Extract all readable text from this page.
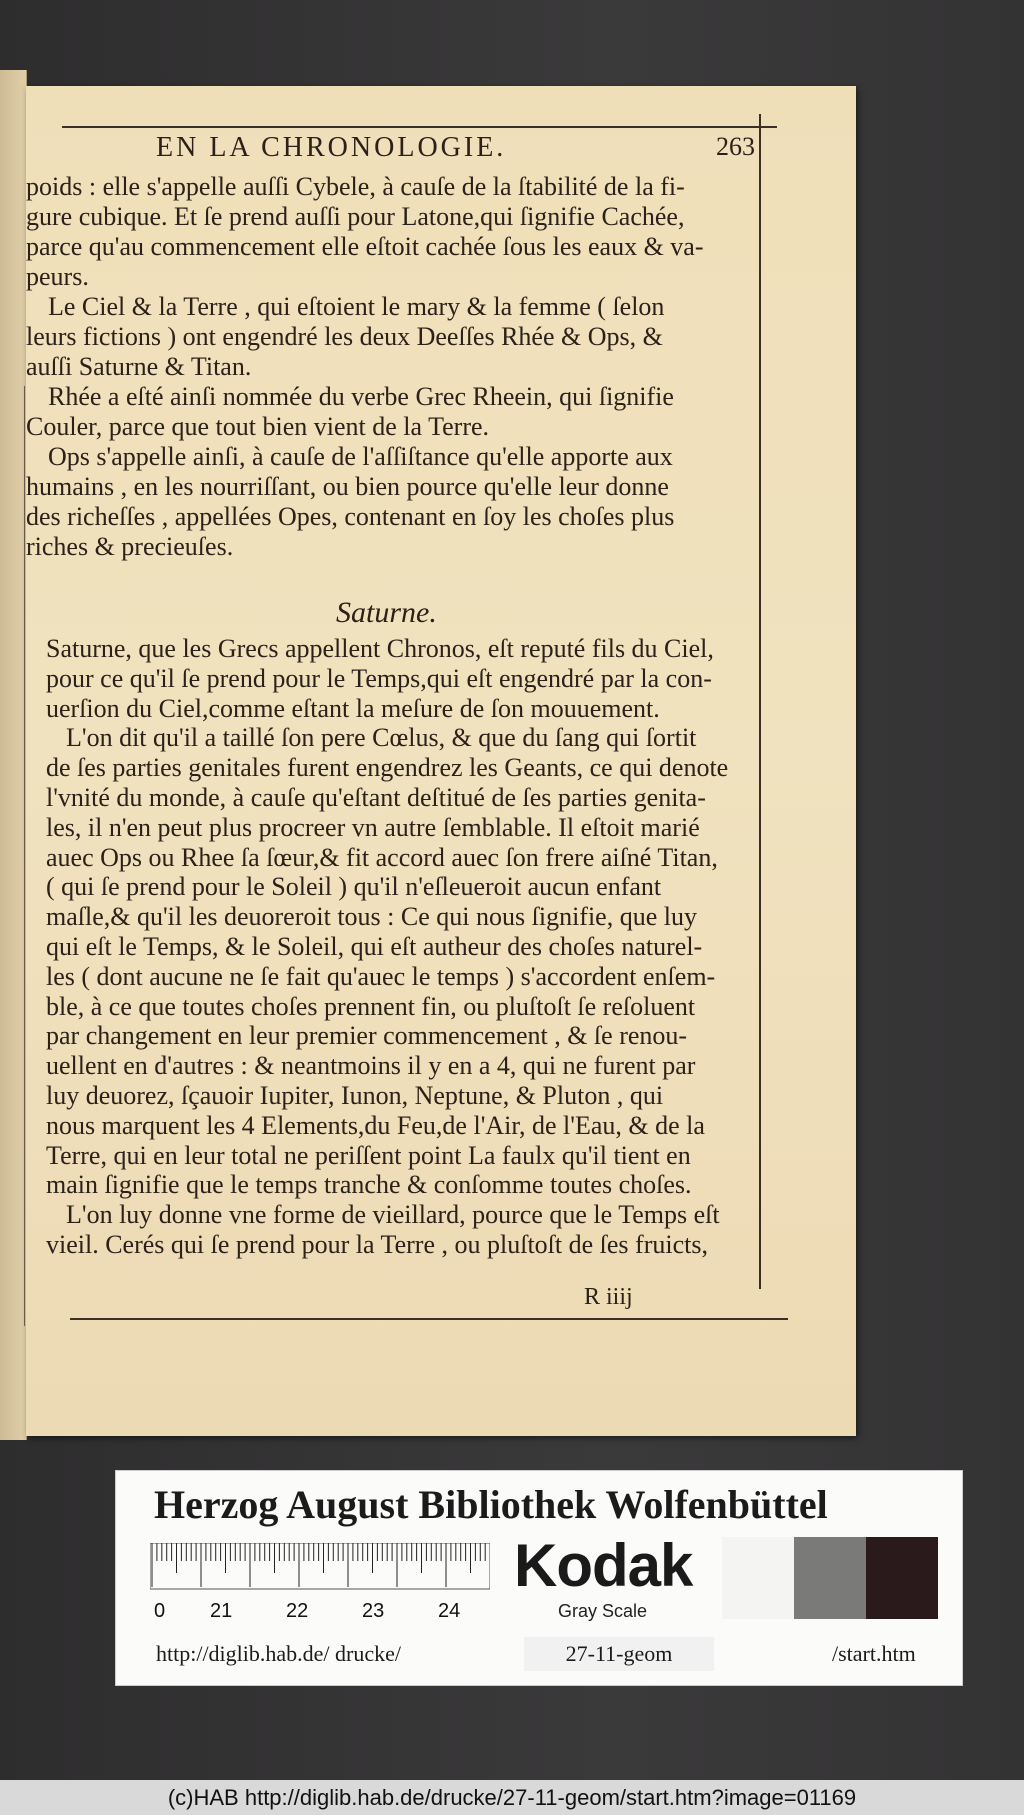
EN LA CHRONOLOGIE.	263
poids : elle s'appelle auſſi Cybele, à cauſe de la ſtabilité de la fi-
gure cubique. Et ſe prend auſſi pour Latone,qui ſignifie Cachée,
parce qu'au commencement elle eſtoit cachée ſous les eaux & va-
peurs.
Le Ciel & la Terre , qui eſtoient le mary & la femme ( ſelon
leurs fictions ) ont engendré les deux Deeſſes Rhée & Ops, &
auſſi Saturne & Titan.
Rhée a eſté ainſi nommée du verbe Grec Rheein, qui ſignifie
Couler, parce que tout bien vient de la Terre.
Ops s'appelle ainſi, à cauſe de l'aſſiſtance qu'elle apporte aux
humains , en les nourriſſant, ou bien pource qu'elle leur donne
des richeſſes , appellées Opes, contenant en ſoy les choſes plus
riches & precieuſes.
Saturne.
Saturne, que les Grecs appellent Chronos, eſt reputé fils du Ciel,
pour ce qu'il ſe prend pour le Temps,qui eſt engendré par la con-
uerſion du Ciel,comme eſtant la meſure de ſon mouuement.
L'on dit qu'il a taillé ſon pere Cœlus, & que du ſang qui ſortit
de ſes parties genitales furent engendrez les Geants, ce qui denote
l'vnité du monde, à cauſe qu'eſtant deſtitué de ſes parties genita-
les, il n'en peut plus procreer vn autre ſemblable. Il eſtoit marié
auec Ops ou Rhee ſa ſœur,& fit accord auec ſon frere aiſné Titan,
( qui ſe prend pour le Soleil ) qu'il n'eſleueroit aucun enfant
maſle,& qu'il les deuoreroit tous : Ce qui nous ſignifie, que luy
qui eſt le Temps, & le Soleil, qui eſt autheur des choſes naturel-
les ( dont aucune ne ſe fait qu'auec le temps ) s'accordent enſem-
ble, à ce que toutes choſes prennent fin, ou pluſtoſt ſe reſoluent
par changement en leur premier commencement , & ſe renou-
uellent en d'autres : & neantmoins il y en a 4, qui ne furent par
luy deuorez, ſçauoir Iupiter, Iunon, Neptune, & Pluton , qui
nous marquent les 4 Elements,du Feu,de l'Air, de l'Eau, & de la
Terre, qui en leur total ne periſſent point La faulx qu'il tient en
main ſignifie que le temps tranche & conſomme toutes choſes.
L'on luy donne vne forme de vieillard, pource que le Temps eſt
vieil. Cerés qui ſe prend pour la Terre , ou pluſtoſt de ſes fruicts,
R iiij
Herzog August Bibliothek Wolfenbüttel
0 21	22	23	24
Kodak
Gray Scale
http://diglib.hab.de/ drucke/	27-11-geom	/start.htm
(c)HAB http://diglib.hab.de/drucke/27-11-geom/start.htm?image=01169
